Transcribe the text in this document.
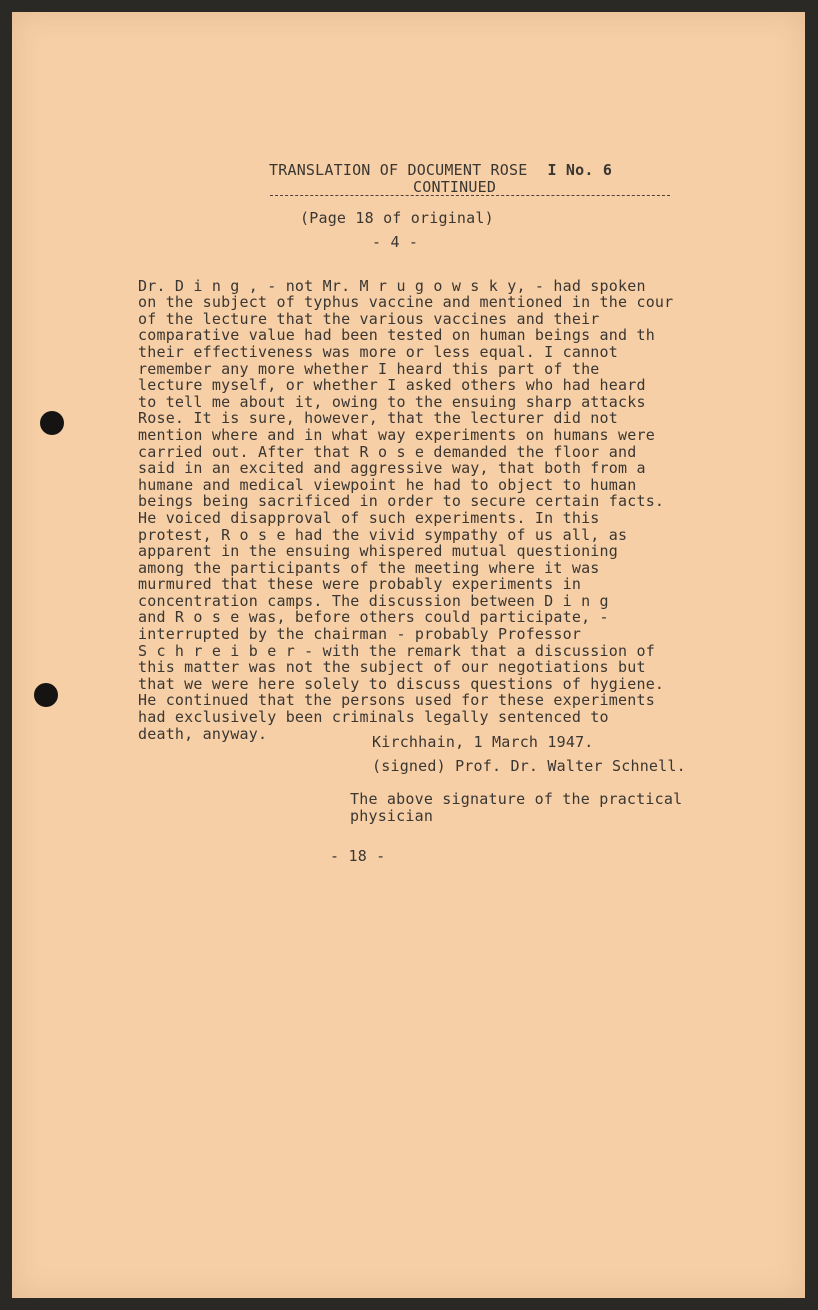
TRANSLATION OF DOCUMENT ROSE I No. 6
CONTINUED
(Page 18 of original)
- 4 -

Dr. D i n g , - not Mr. M r u g o w s k y, - had spoken
on the subject of typhus vaccine and mentioned in the cour
of the lecture that the various vaccines and their
comparative value had been tested on human beings and th
their effectiveness was more or less equal. I cannot
remember any more whether I heard this part of the
lecture myself, or whether I asked others who had heard
to tell me about it, owing to the ensuing sharp attacks
Rose. It is sure, however, that the lecturer did not
mention where and in what way experiments on humans were
carried out. After that R o s e demanded the floor and
said in an excited and aggressive way, that both from a
humane and medical viewpoint he had to object to human
beings being sacrificed in order to secure certain facts.
He voiced disapproval of such experiments. In this
protest, R o s e had the vivid sympathy of us all, as
apparent in the ensuing whispered mutual questioning
among the participants of the meeting where it was
murmured that these were probably experiments in
concentration camps. The discussion between D i n g
and R o s e was, before others could participate, -
interrupted by the chairman - probably Professor
S c h r e i b e r - with the remark that a discussion of
this matter was not the subject of our negotiations but
that we were here solely to discuss questions of hygiene.
He continued that the persons used for these experiments
had exclusively been criminals legally sentenced to
death, anyway.	Kirchhain, 1 March 1947.
(signed) Prof. Dr. Walter Schnell.
The above signature of the practical
physician
- 18 -
